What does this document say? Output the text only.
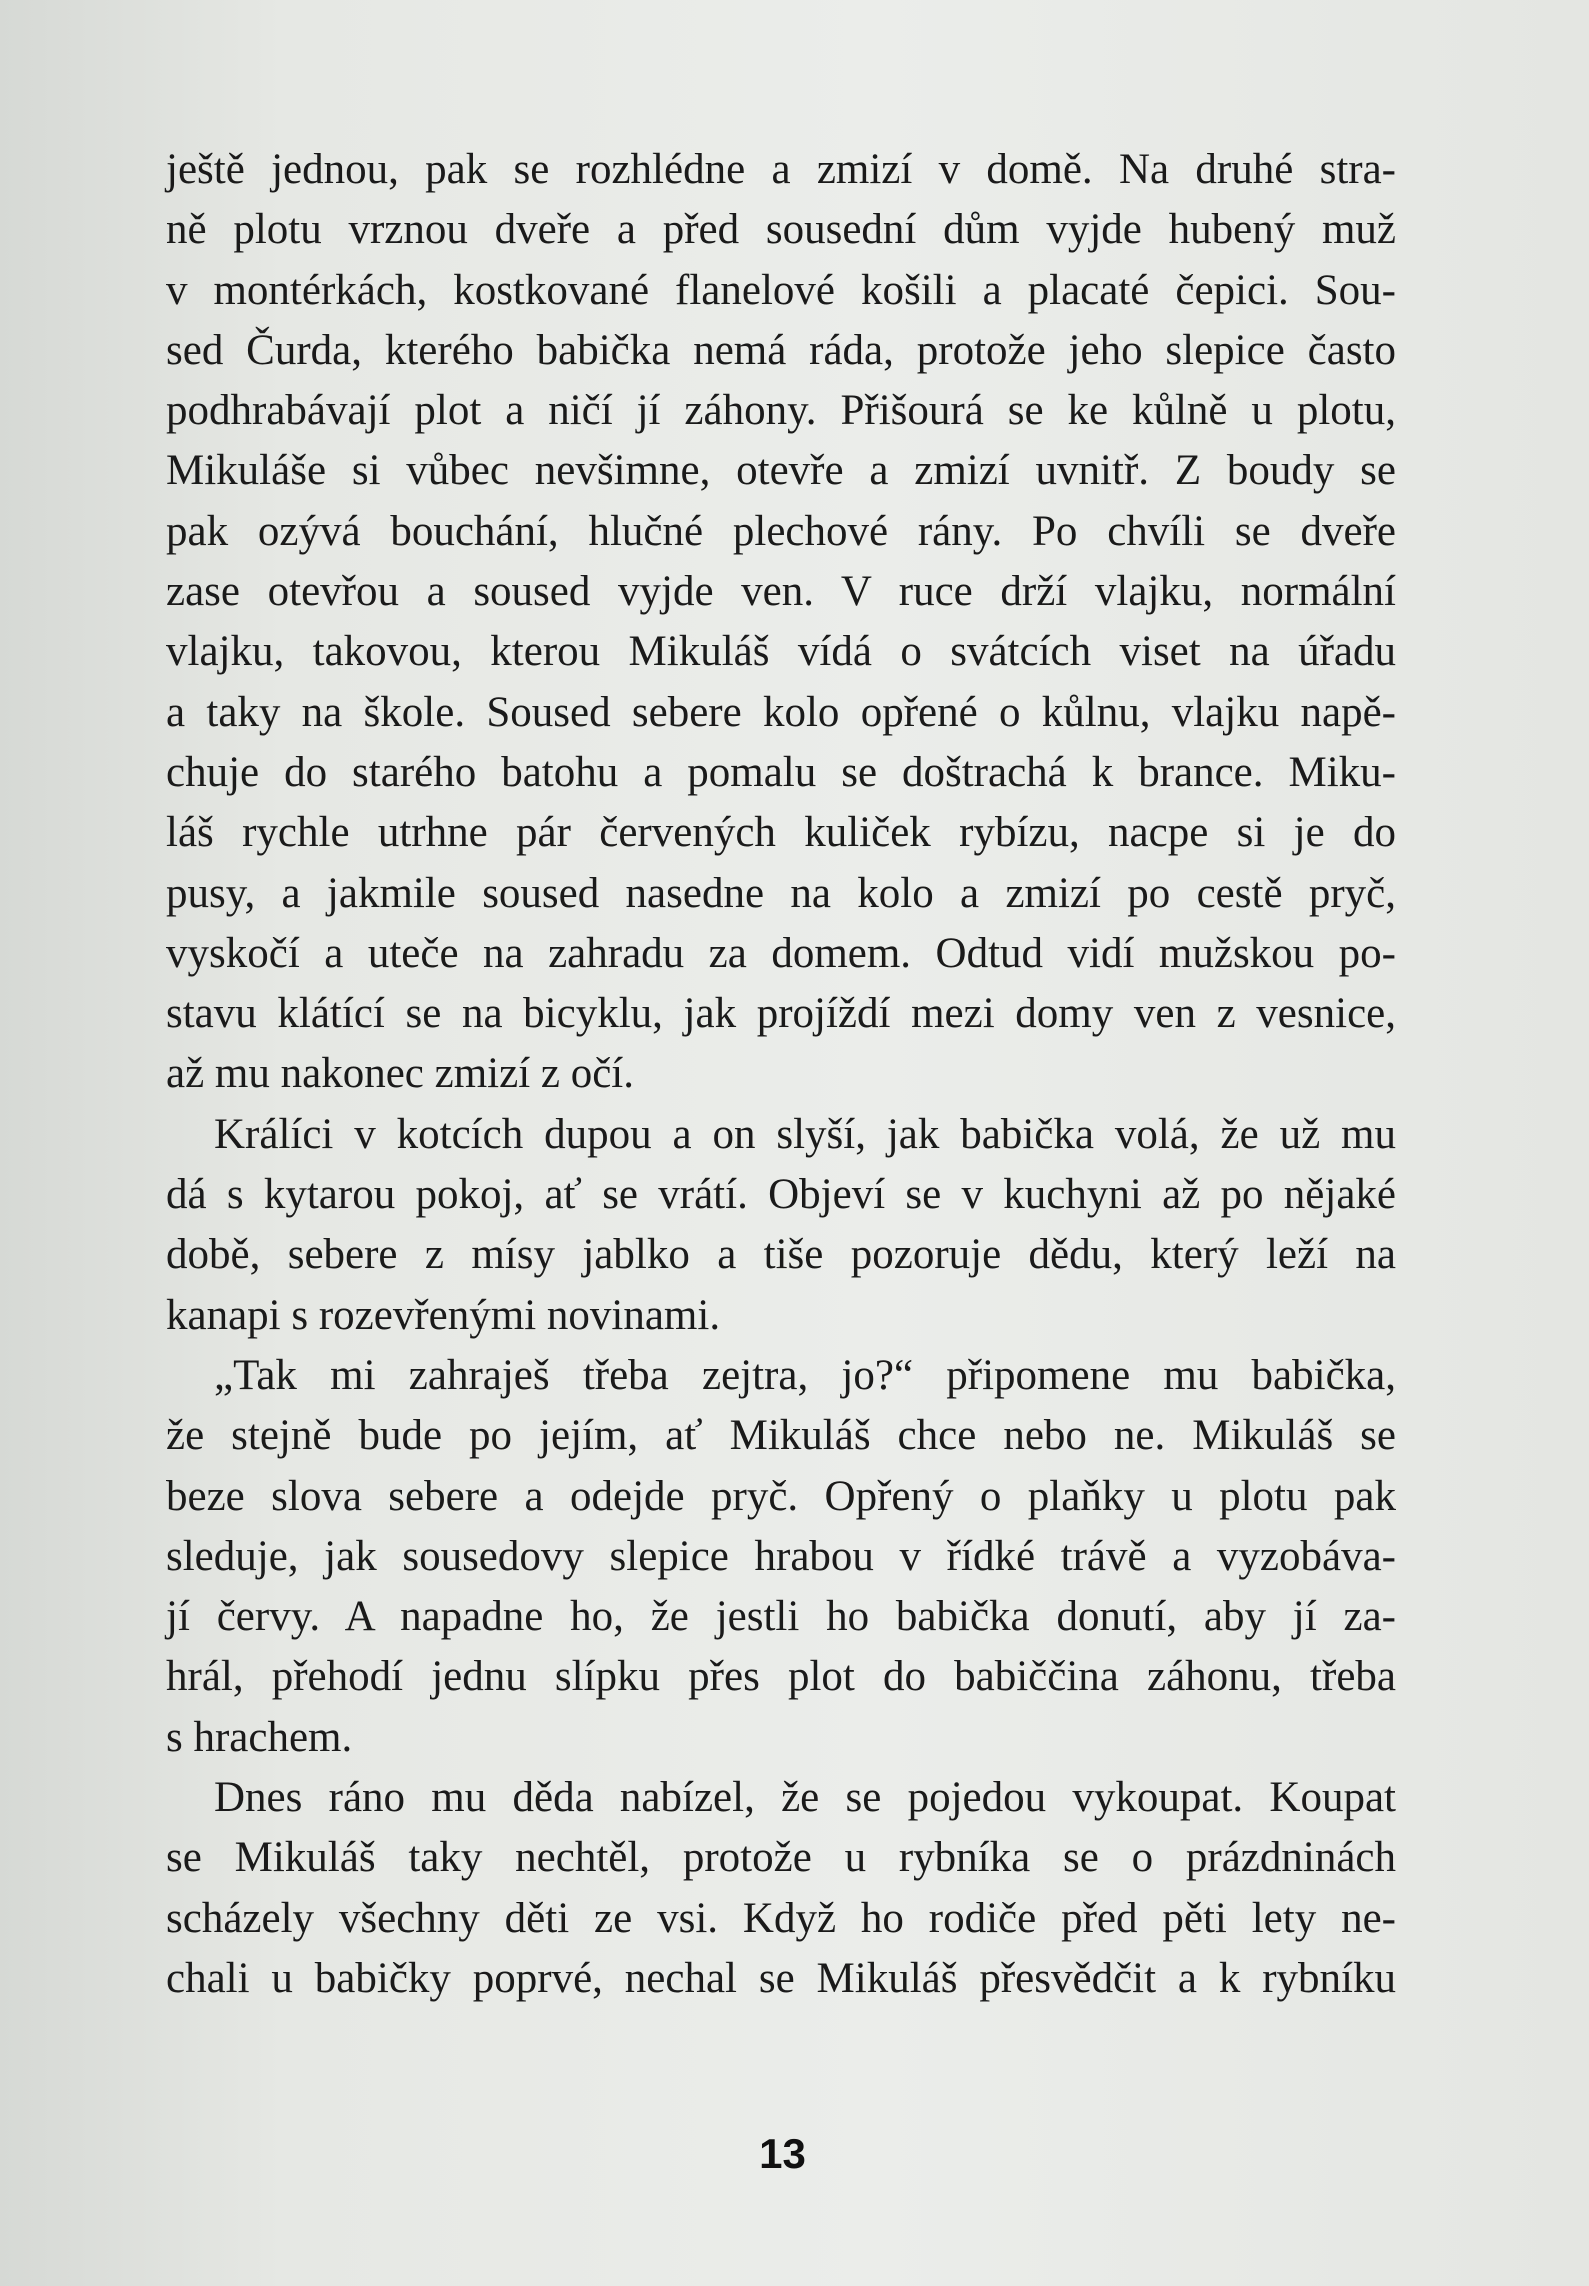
ještě jednou, pak se rozhlédne a zmizí v domě. Na druhé stra-
ně plotu vrznou dveře a před sousední dům vyjde hubený muž
v montérkách, kostkované flanelové košili a placaté čepici. Sou-
sed Čurda, kterého babička nemá ráda, protože jeho slepice často
podhrabávají plot a ničí jí záhony. Přišourá se ke kůlně u plotu,
Mikuláše si vůbec nevšimne, otevře a zmizí uvnitř. Z boudy se
pak ozývá bouchání, hlučné plechové rány. Po chvíli se dveře
zase otevřou a soused vyjde ven. V ruce drží vlajku, normální
vlajku, takovou, kterou Mikuláš vídá o svátcích viset na úřadu
a taky na škole. Soused sebere kolo opřené o kůlnu, vlajku napě-
chuje do starého batohu a pomalu se doštrachá k brance. Miku-
láš rychle utrhne pár červených kuliček rybízu, nacpe si je do
pusy, a jakmile soused nasedne na kolo a zmizí po cestě pryč,
vyskočí a uteče na zahradu za domem. Odtud vidí mužskou po-
stavu klátící se na bicyklu, jak projíždí mezi domy ven z vesnice,
až mu nakonec zmizí z očí.
Králíci v kotcích dupou a on slyší, jak babička volá, že už mu
dá s kytarou pokoj, ať se vrátí. Objeví se v kuchyni až po nějaké
době, sebere z mísy jablko a tiše pozoruje dědu, který leží na
kanapi s rozevřenými novinami.
„Tak mi zahraješ třeba zejtra, jo?“ připomene mu babička,
že stejně bude po jejím, ať Mikuláš chce nebo ne. Mikuláš se
beze slova sebere a odejde pryč. Opřený o plaňky u plotu pak
sleduje, jak sousedovy slepice hrabou v řídké trávě a vyzobáva-
jí červy. A napadne ho, že jestli ho babička donutí, aby jí za-
hrál, přehodí jednu slípku přes plot do babiččina záhonu, třeba
s hrachem.
Dnes ráno mu děda nabízel, že se pojedou vykoupat. Koupat
se Mikuláš taky nechtěl, protože u rybníka se o prázdninách
scházely všechny děti ze vsi. Když ho rodiče před pěti lety ne-
chali u babičky poprvé, nechal se Mikuláš přesvědčit a k rybníku
13
